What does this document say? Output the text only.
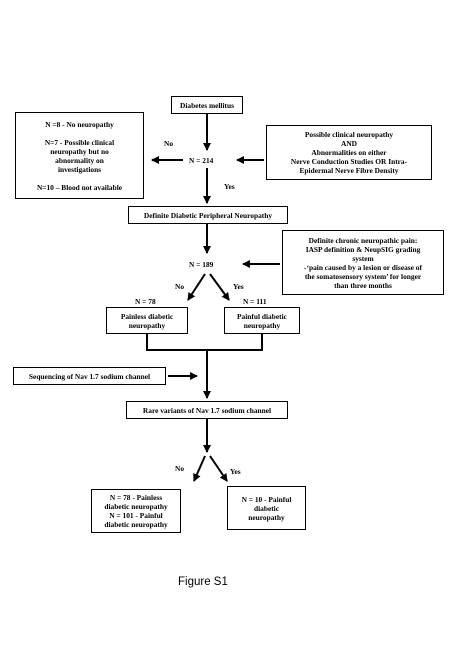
Diabetes mellitus
N =8 - No neuropathy

N=7 - Possible clinical
neuropathy but no
abnormality on
investigations

N=10 – Blood not available
Possible clinical neuropathy
AND
Abnormalities on either
Nerve Conduction Studies OR Intra-
Epidermal Nerve Fibre Density
Definite Diabetic Peripheral Neuropathy
Definite chronic neuropathic pain:
IASP definition & NeupSIG grading
system
-‘pain caused by a lesion or disease of
the somatosensory system’ for longer
than three months
Painless diabetic
neuropathy
Painful diabetic
neuropathy
Sequencing of Nav 1.7 sodium channel
Rare variants of Nav 1.7 sodium channel
N = 78 - Painless
diabetic neuropathy
N = 101 - Painful
diabetic neuropathy
N = 10 - Painful
diabetic
neuropathy
No
N = 214
Yes
N = 189
No	Yes
N = 78	N = 111
No	Yes
Figure S1
